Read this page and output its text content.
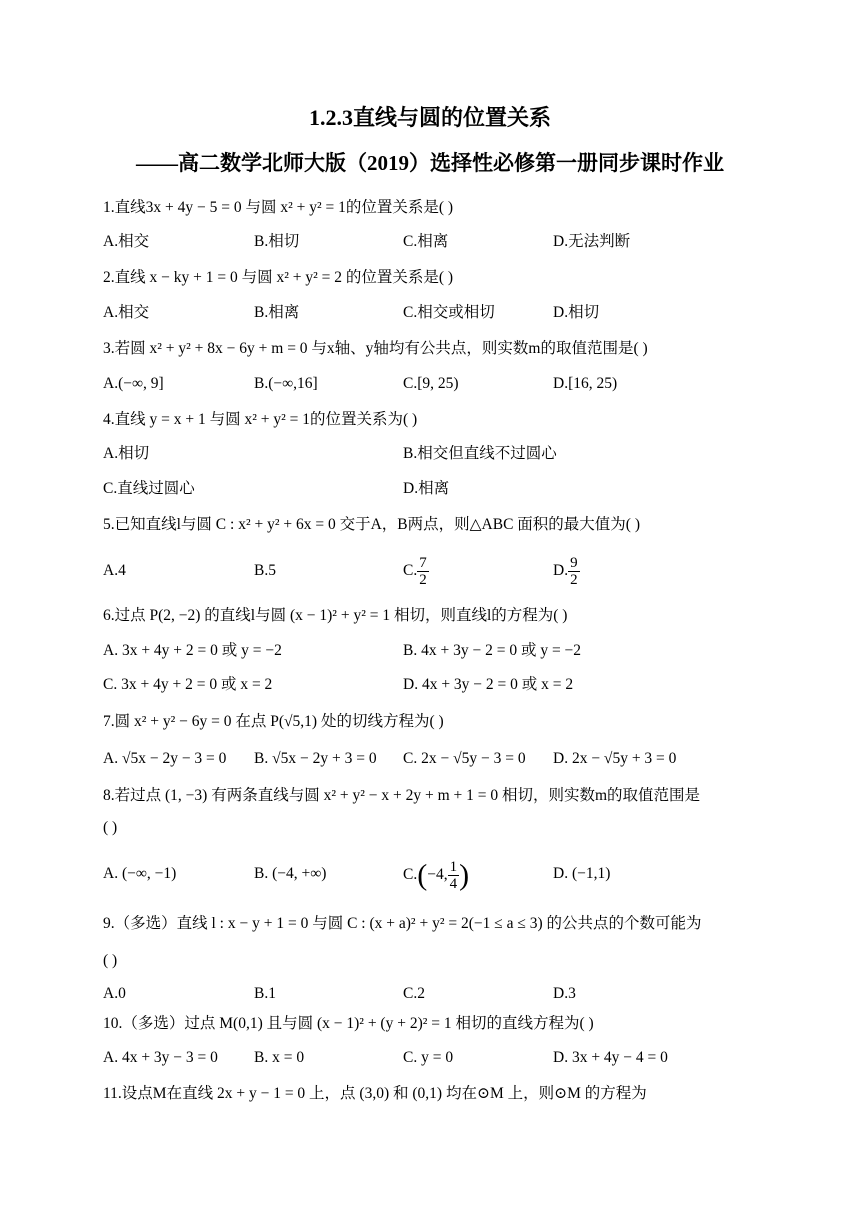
1.2.3直线与圆的位置关系
——高二数学北师大版（2019）选择性必修第一册同步课时作业
1.直线3x + 4y − 5 = 0 与圆 x² + y² = 1的位置关系是( )
A.相交	B.相切	C.相离	D.无法判断
2.直线 x − ky + 1 = 0 与圆 x² + y² = 2 的位置关系是( )
A.相交	B.相离	C.相交或相切	D.相切
3.若圆 x² + y² + 8x − 6y + m = 0 与x轴、y轴均有公共点，则实数m的取值范围是( )
A.(−∞, 9]	B.(−∞,16]	C.[9, 25)	D.[16, 25)
4.直线 y = x + 1 与圆 x² + y² = 1的位置关系为( )
A.相切	B.相交但直线不过圆心
C.直线过圆心	D.相离
5.已知直线l与圆 C : x² + y² + 6x = 0 交于A，B两点，则△ABC 面积的最大值为( )
A.4	B.5	C. $\frac{7}{2}$	D. $\frac{9}{2}$
6.过点 P(2, −2) 的直线l与圆 (x − 1)² + y² = 1 相切，则直线l的方程为( )
A. 3x + 4y + 2 = 0 或 y = −2	B. 4x + 3y − 2 = 0 或 y = −2
C. 3x + 4y + 2 = 0 或 x = 2	D. 4x + 3y − 2 = 0 或 x = 2
7.圆 x² + y² − 6y = 0 在点 P(√5,1) 处的切线方程为( )
A. √5x − 2y − 3 = 0 B. √5x − 2y + 3 = 0 C. 2x − √5y − 3 = 0 D. 2x − √5y + 3 = 0
8.若过点 (1, −3) 有两条直线与圆 x² + y² − x + 2y + m + 1 = 0 相切，则实数m的取值范围是
( )
A. (−∞, −1)	B. (−4, +∞)	C.(−4, $\frac{1}{4}$ )	D. (−1,1)
9.（多选）直线 l : x − y + 1 = 0 与圆 C : (x + a)² + y² = 2(−1 ≤ a ≤ 3) 的公共点的个数可能为
( )
A.0	B.1	C.2	D.3
10.（多选）过点 M(0,1) 且与圆 (x − 1)² + (y + 2)² = 1 相切的直线方程为( )
A. 4x + 3y − 3 = 0 B. x = 0	C. y = 0	D. 3x + 4y − 4 = 0
11.设点M在直线 2x + y − 1 = 0 上，点 (3,0) 和 (0,1) 均在⊙M 上，则⊙M 的方程为
